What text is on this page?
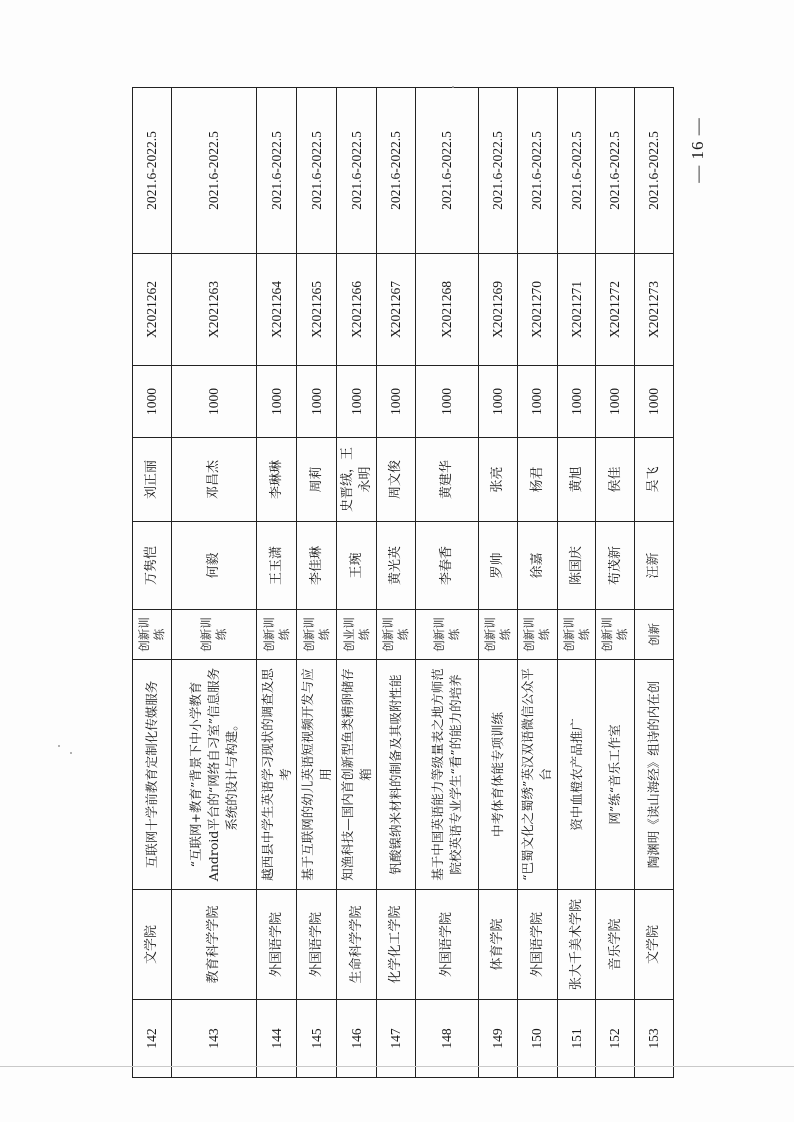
142	文学院	互联网十学前教育定制化传媒服务	创新训练	万隽恺	刘正丽	1000	X2021262	2021.6-2022.5
143	教育科学学院	“互联网+教育”背景下中小学教育Android平台的“网络自习室”信息服务系统的设计与构建。	创新训练	何毅	邓昌杰	1000	X2021263	2021.6-2022.5
144	外国语学院	越西县中学生英语学习现状的调查及思考	创新训练	王玉潇	李琳琳	1000	X2021264	2021.6-2022.5
145	外国语学院	基于互联网的幼儿英语短视频开发与应用	创新训练	李佳琳	周莉	1000	X2021265	2021.6-2022.5
146	生命科学学院	知渔科技—国内首创新型鱼类精卵储存箱	创业训练	王琬	史晋绒，王永明	1000	X2021266	2021.6-2022.5
147	化学化工学院	钒酸镍纳米材料的制备及其吸附性能	创新训练	黄光英	周文俊	1000	X2021267	2021.6-2022.5
148	外国语学院	基于中国英语能力等级量表之地方师范院校英语专业学生“看”的能力的培养	创新训练	李春香	黄建华	1000	X2021268	2021.6-2022.5
149	体育学院	中考体育体能专项训练	创新训练	罗帅	张亮	1000	X2021269	2021.6-2022.5
150	外国语学院	“巴蜀文化之蜀绣”英汉双语微信公众平台	创新训练	徐嘉	杨君	1000	X2021270	2021.6-2022.5
151	张大千美术学院	资中血橙农产品推广	创新训练	陈国庆	黄旭	1000	X2021271	2021.6-2022.5
152	音乐学院	网”练“音乐工作室	创新训练	苟茂新	侯佳	1000	X2021272	2021.6-2022.5
153	文学院	陶渊明《读山海经》组诗的内在创	创新	汪新	吴飞	1000	X2021273	2021.6-2022.5 — 16 —
